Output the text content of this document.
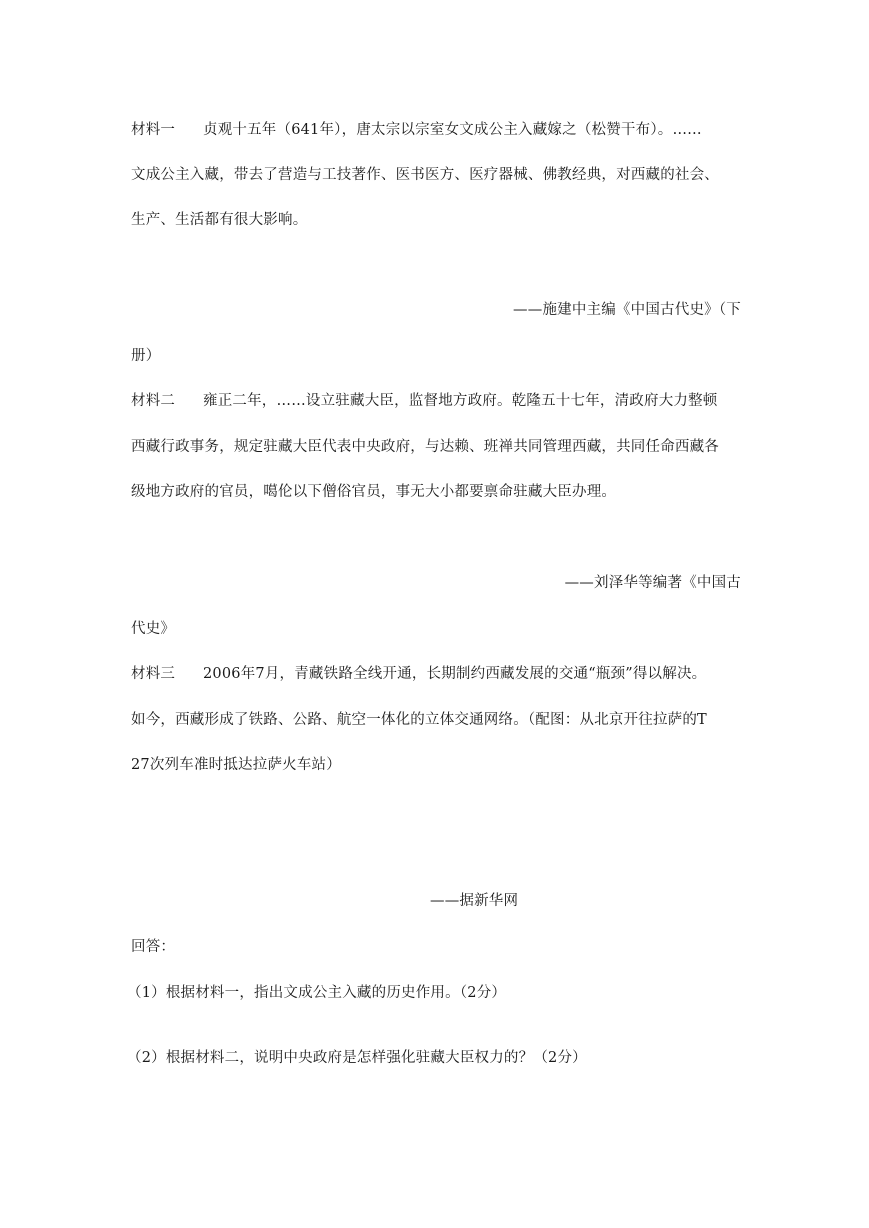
材料一 贞观十五年（641年），唐太宗以宗室女文成公主入藏嫁之（松赞干布）。……
文成公主入藏，带去了营造与工技著作、医书医方、医疗器械、佛教经典，对西藏的社会、
生产、生活都有很大影响。
——施建中主编《中国古代史》（下
册）
材料二 雍正二年，……设立驻藏大臣，监督地方政府。乾隆五十七年，清政府大力整顿
西藏行政事务，规定驻藏大臣代表中央政府，与达赖、班禅共同管理西藏，共同任命西藏各
级地方政府的官员，噶伦以下僧俗官员，事无大小都要禀命驻藏大臣办理。
——刘泽华等编著《中国古
代史》
材料三 2006年7月，青藏铁路全线开通，长期制约西藏发展的交通“瓶颈”得以解决。
如今，西藏形成了铁路、公路、航空一体化的立体交通网络。（配图：从北京开往拉萨的T
27次列车准时抵达拉萨火车站）
——据新华网
回答：
（1）根据材料一，指出文成公主入藏的历史作用。（2分）
（2）根据材料二，说明中央政府是怎样强化驻藏大臣权力的？（2分）
